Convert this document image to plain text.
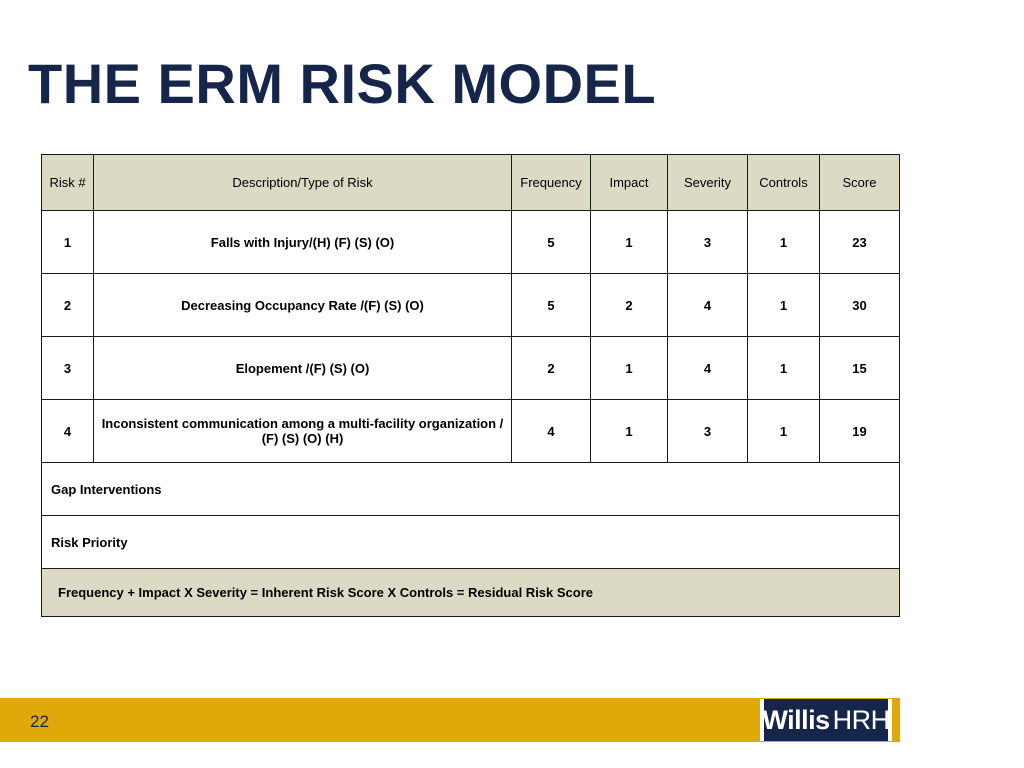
THE ERM RISK MODEL
Risk #	Description/Type of Risk	Frequency	Impact	Severity	Controls	Score
1	Falls with Injury/(H) (F) (S) (O)	5	1	3	1	23
2	Decreasing Occupancy Rate /(F) (S) (O)	5	2	4	1	30
3	Elopement /(F) (S) (O)	2	1	4	1	15
4	Inconsistent communication among a multi-facility organization / (F) (S) (O) (H)	4	1	3	1	19
Gap Interventions						
Risk Priority						
Frequency + Impact X Severity = Inherent Risk Score X Controls = Residual Risk Score						
22	Willis HRH
